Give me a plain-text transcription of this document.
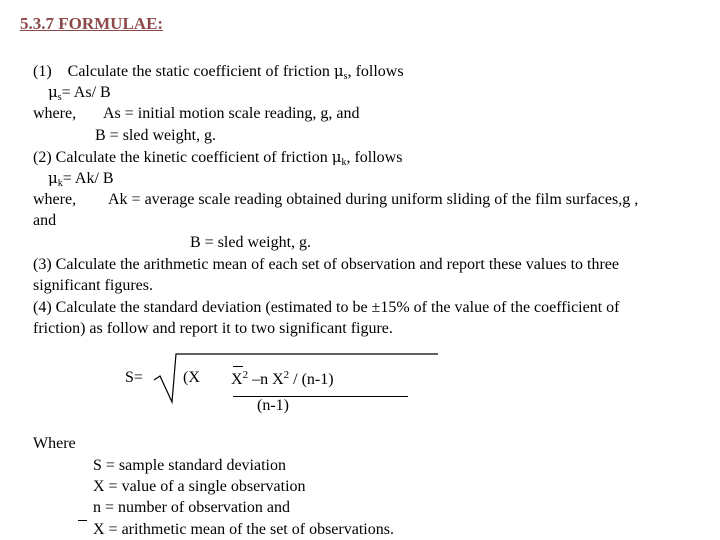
5.3.7 FORMULAE:
(1) Calculate the static coefficient of friction $\mu_s$, follows
$\mu_s= As/$ B
where, As = initial motion scale reading, g, and
B = sled weight, g.
(2) Calculate the kinetic coefficient of friction $\mu_k$, follows
$\mu_k= Ak/$ B
where, Ak = average scale reading obtained during uniform sliding of the film surfaces,g ,
and
B = sled weight, g.
(3) Calculate the arithmetic mean of each set of observation and report these values to three
significant figures.
(4) Calculate the standard deviation (estimated to be ±15% of the value of the coefficient of
friction) as follow and report it to two significant figure.
S=	(X $X^2$ –n $X^2 / (n-1)$
(n-1)
Where
S = sample standard deviation
X = value of a single observation
n = number of observation and
X = arithmetic mean of the set of observations.
